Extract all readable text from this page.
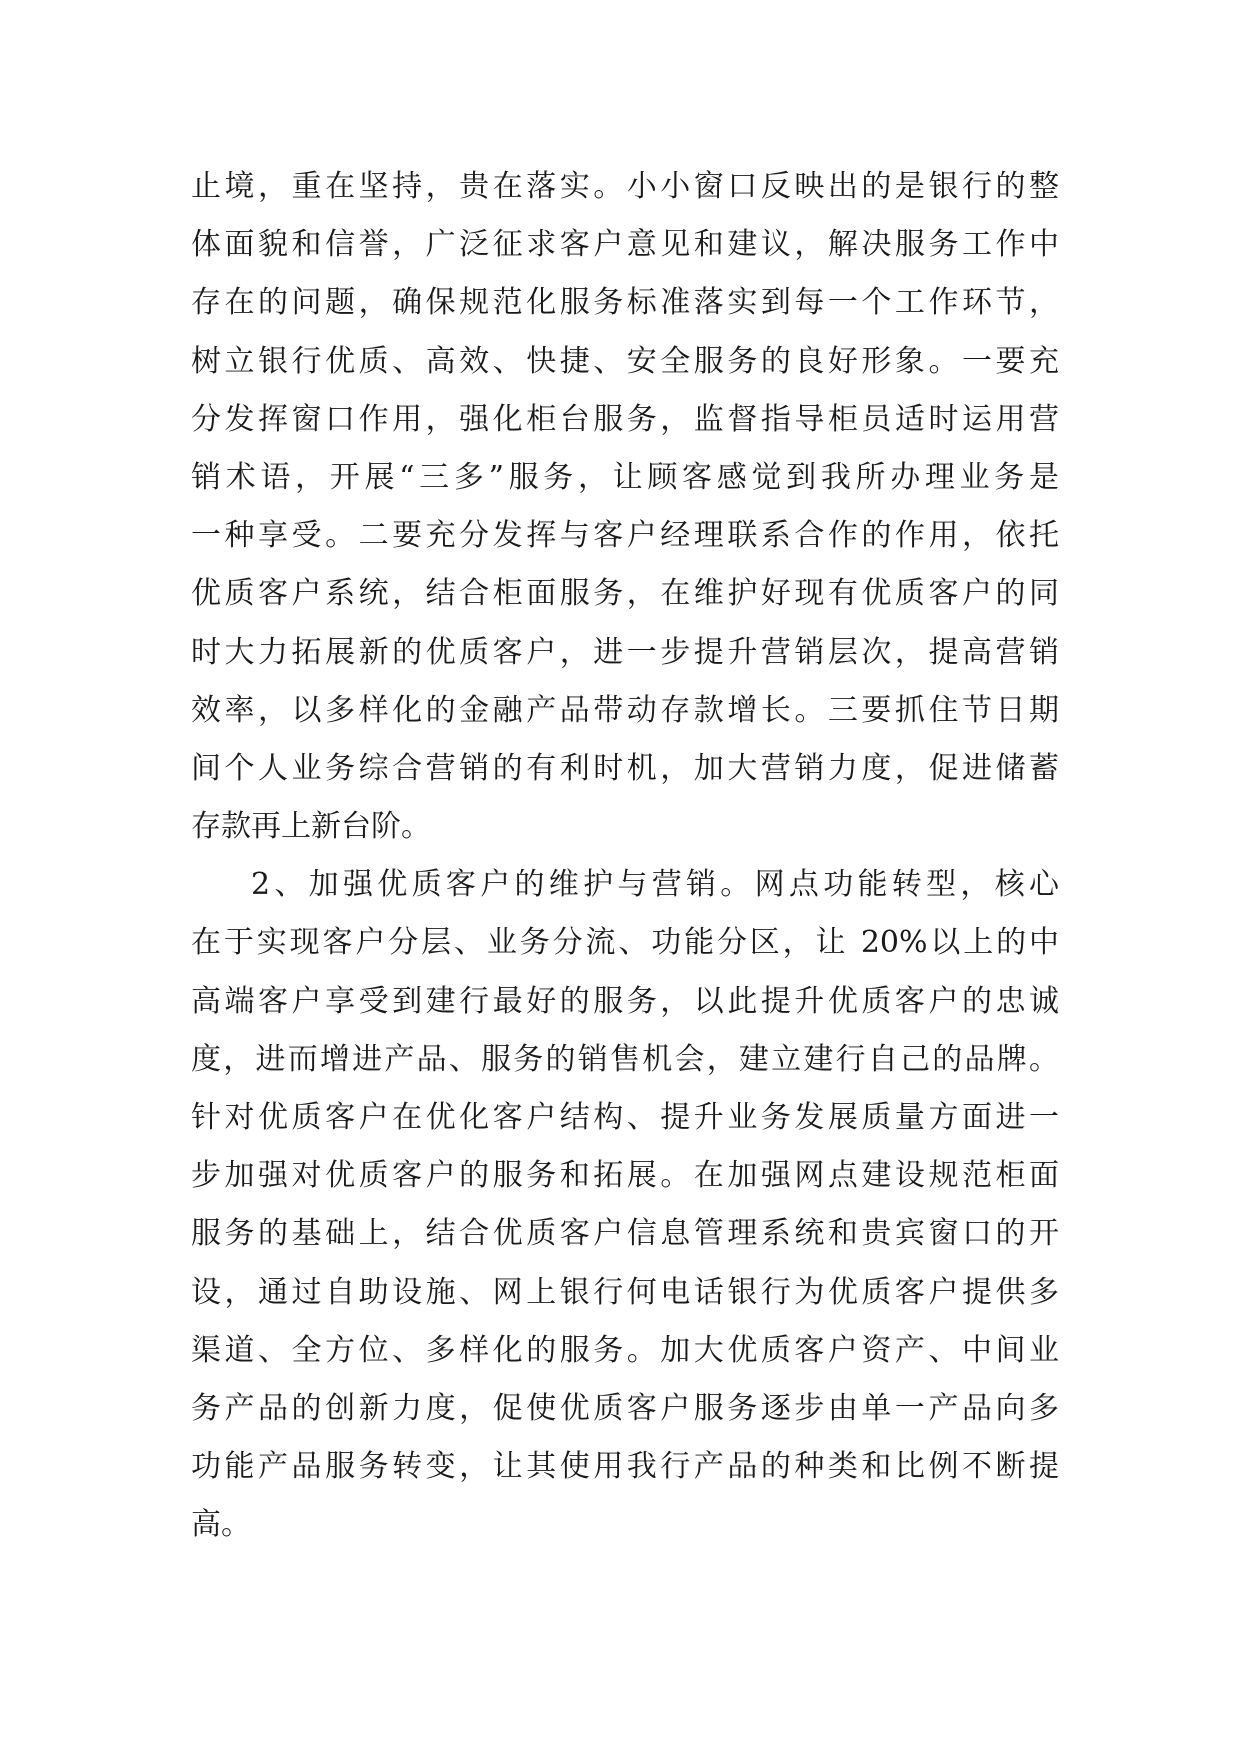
止境，重在坚持，贵在落实。小小窗口反映出的是银行的整
体面貌和信誉，广泛征求客户意见和建议，解决服务工作中
存在的问题，确保规范化服务标准落实到每一个工作环节，
树立银行优质、高效、快捷、安全服务的良好形象。一要充
分发挥窗口作用，强化柜台服务，监督指导柜员适时运用营
销术语，开展“三多”服务，让顾客感觉到我所办理业务是
一种享受。二要充分发挥与客户经理联系合作的作用，依托
优质客户系统，结合柜面服务，在维护好现有优质客户的同
时大力拓展新的优质客户，进一步提升营销层次，提高营销
效率，以多样化的金融产品带动存款增长。三要抓住节日期
间个人业务综合营销的有利时机，加大营销力度，促进储蓄
存款再上新台阶。
2、加强优质客户的维护与营销。网点功能转型，核心
在于实现客户分层、业务分流、功能分区，让 20%以上的中
高端客户享受到建行最好的服务，以此提升优质客户的忠诚
度，进而增进产品、服务的销售机会，建立建行自己的品牌。
针对优质客户在优化客户结构、提升业务发展质量方面进一
步加强对优质客户的服务和拓展。在加强网点建设规范柜面
服务的基础上，结合优质客户信息管理系统和贵宾窗口的开
设，通过自助设施、网上银行何电话银行为优质客户提供多
渠道、全方位、多样化的服务。加大优质客户资产、中间业
务产品的创新力度，促使优质客户服务逐步由单一产品向多
功能产品服务转变，让其使用我行产品的种类和比例不断提
高。
